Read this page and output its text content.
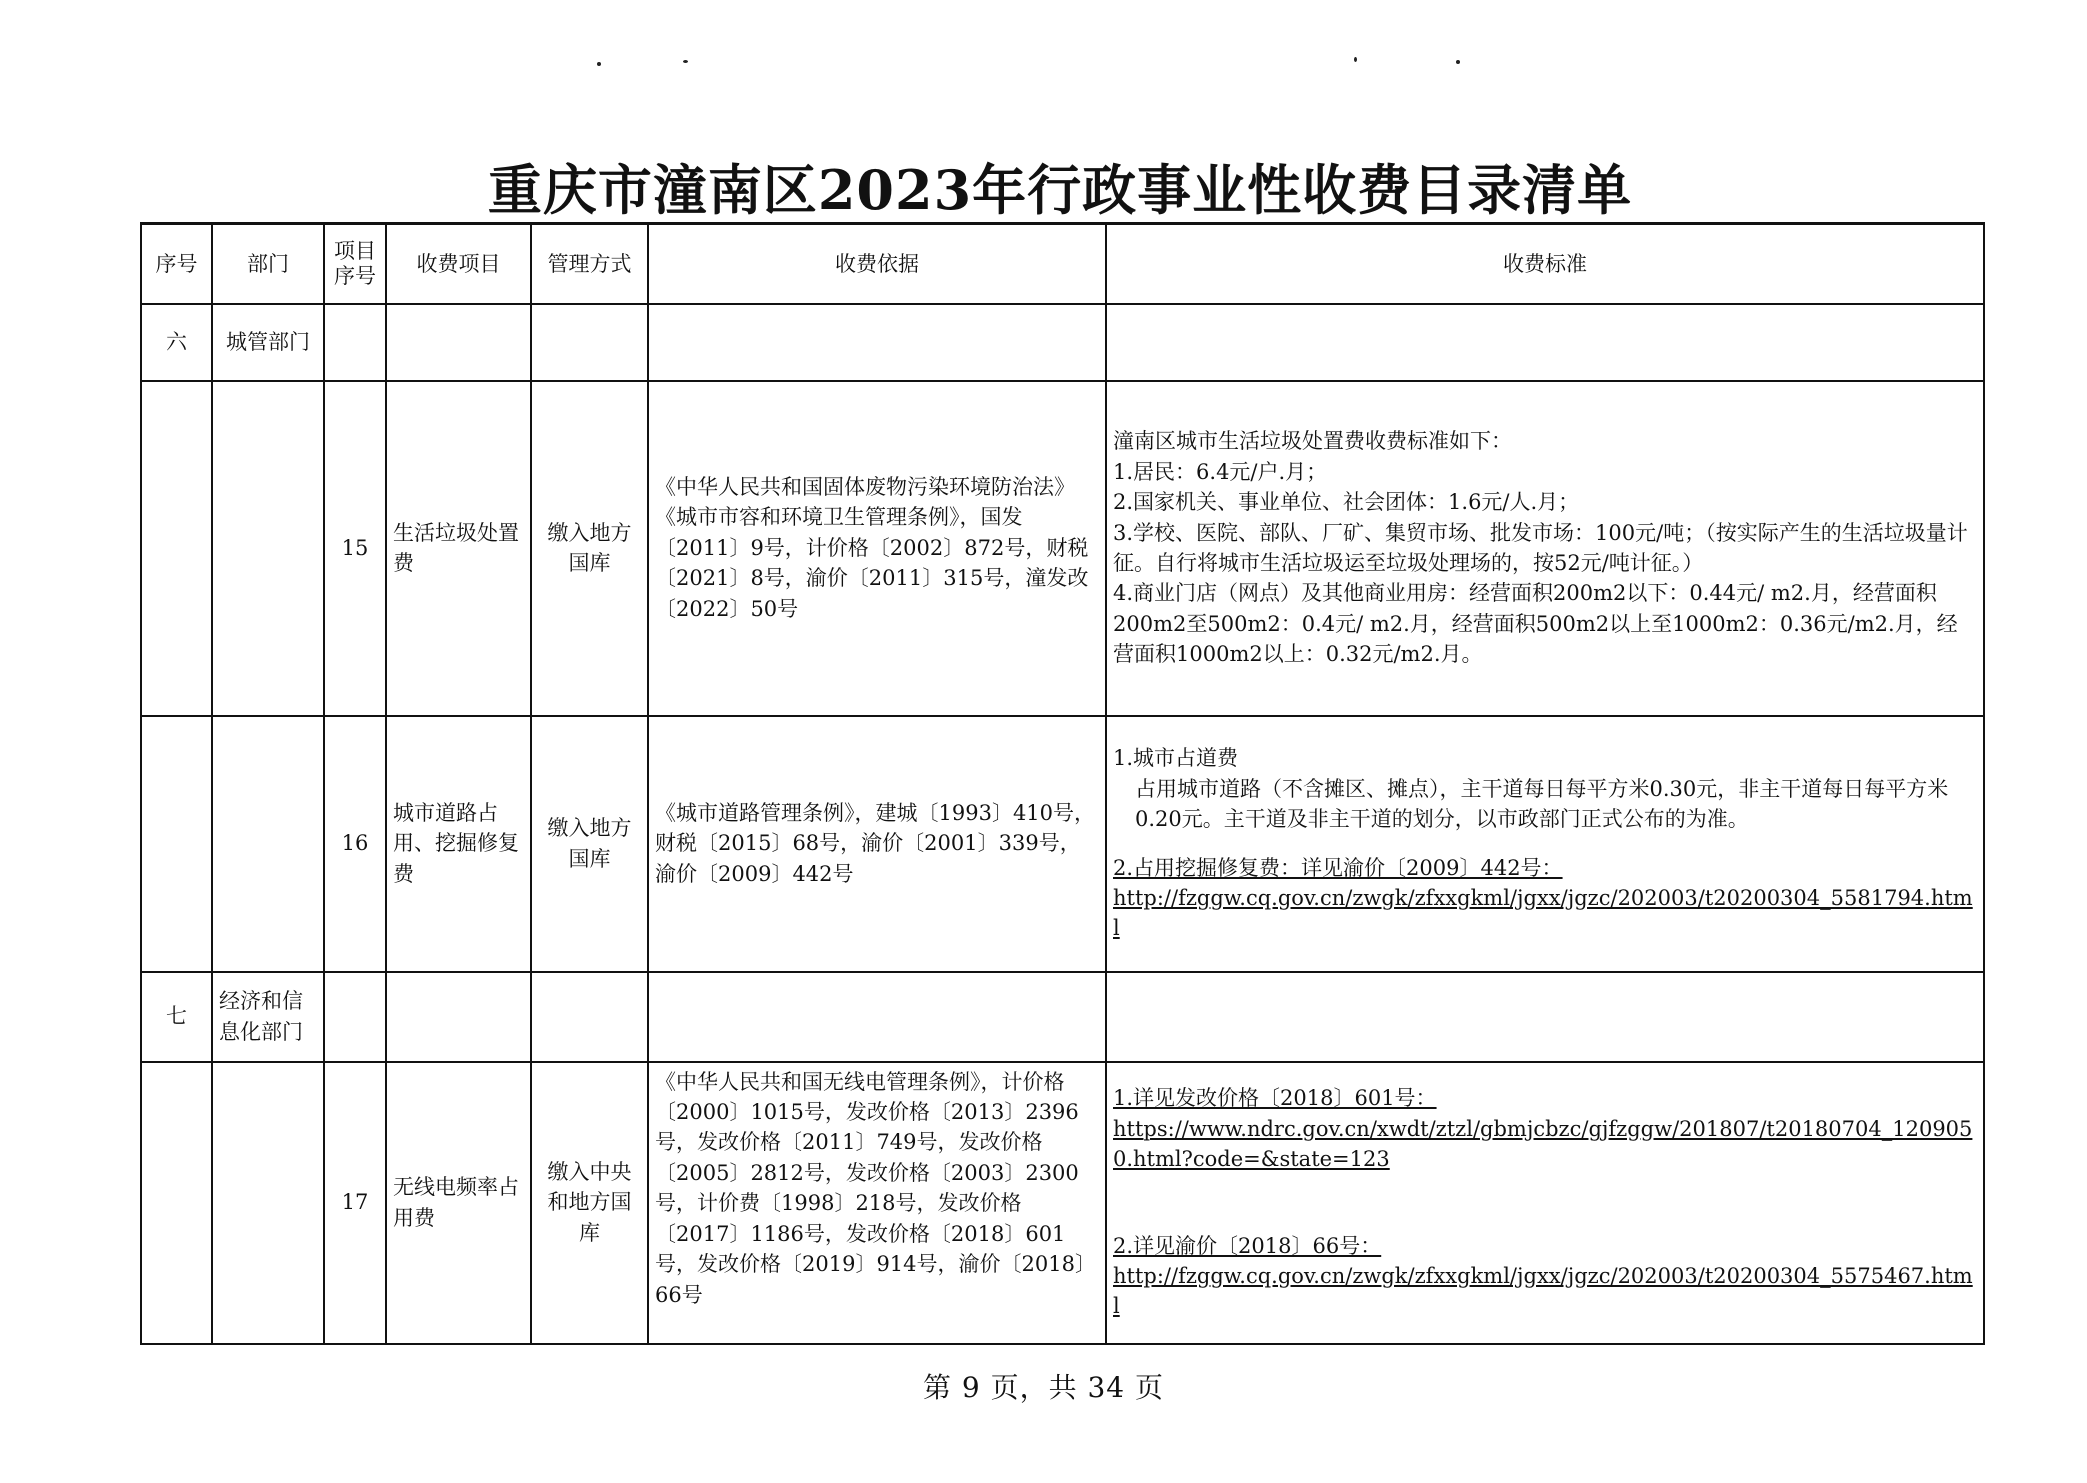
重庆市潼南区2023年行政事业性收费目录清单
序号	部门	项目序号	收费项目	管理方式	收费依据	收费标准
六	城管部门					
		15	生活垃圾处置费	缴入地方国库	《中华人民共和国固体废物污染环境防治法》《城市市容和环境卫生管理条例》，国发〔2011〕9号，计价格〔2002〕872号，财税〔2021〕8号，渝价〔2011〕315号，潼发改〔2022〕50号	潼南区城市生活垃圾处置费收费标准如下：
1.居民：6.4元/户.月；
2.国家机关、事业单位、社会团体：1.6元/人.月；
3.学校、医院、部队、厂矿、集贸市场、批发市场：100元/吨；（按实际产生的生活垃圾量计征。自行将城市生活垃圾运至垃圾处理场的，按52元/吨计征。）
4.商业门店（网点）及其他商业用房：经营面积200m2以下：0.44元/ m2.月，经营面积200m2至500m2：0.4元/ m2.月，经营面积500m2以上至1000m2：0.36元/m2.月，经营面积1000m2以上：0.32元/m2.月。

		16	城市道路占用、挖掘修复费	缴入地方国库	《城市道路管理条例》，建城〔1993〕410号，财税〔2015〕68号，渝价〔2001〕339号，渝价〔2009〕442号	1.城市占道费
占用城市道路（不含摊区、摊点），主干道每日每平方米0.30元，非主干道每日每平方米0.20元。主干道及非主干道的划分，以市政部门正式公布的为准。
2.占用挖掘修复费：详见渝价〔2009〕442号：
http://fzggw.cq.gov.cn/zwgk/zfxxgkml/jgxx/jgzc/202003/t20200304_5581794.html

七	经济和信息化部门					
		17	无线电频率占用费	缴入中央和地方国库	《中华人民共和国无线电管理条例》，计价格〔2000〕1015号，发改价格〔2013〕2396号，发改价格〔2011〕749号，发改价格〔2005〕2812号，发改价格〔2003〕2300号，计价费〔1998〕218号，发改价格〔2017〕1186号，发改价格〔2018〕601号，发改价格〔2019〕914号，渝价〔2018〕66号	1.详见发改价格〔2018〕601号：
https://www.ndrc.gov.cn/xwdt/ztzl/gbmjcbzc/gjfzggw/201807/t20180704_1209050.html?code=&state=123
2.详见渝价〔2018〕66号：
http://fzggw.cq.gov.cn/zwgk/zfxxgkml/jgxx/jgzc/202003/t20200304_5575467.html
第 9 页，共 34 页
